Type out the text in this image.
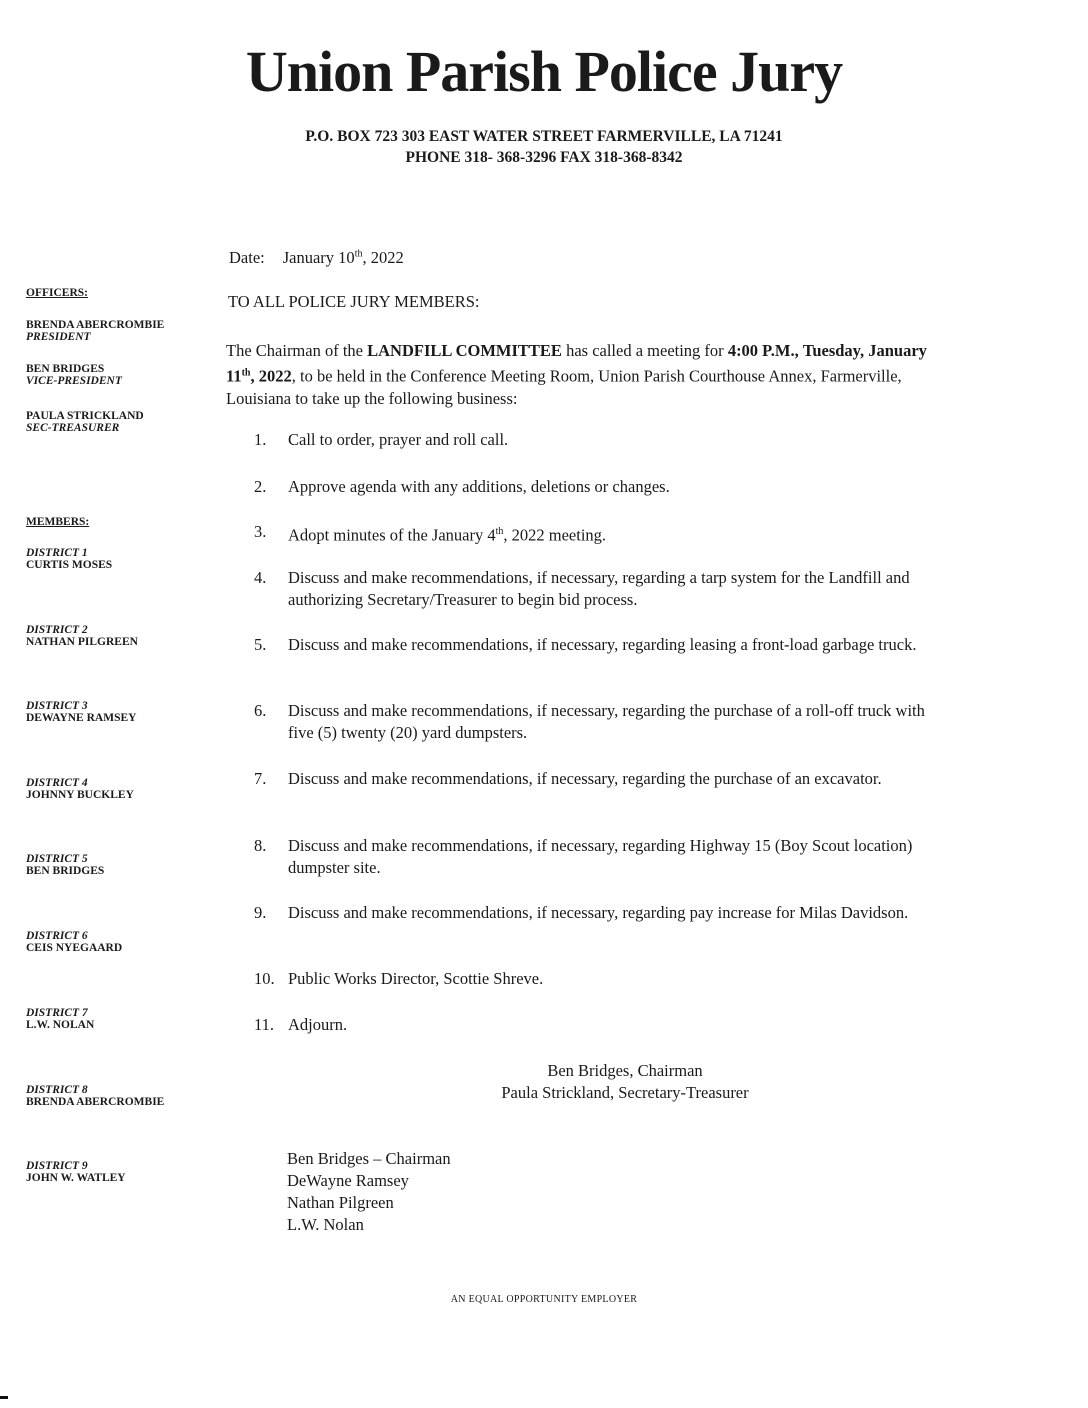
Union Parish Police Jury
P.O. BOX 723 303 EAST WATER STREET FARMERVILLE, LA 71241
PHONE 318- 368-3296 FAX 318-368-8342
OFFICERS:
BRENDA ABERCROMBIE
PRESIDENT
BEN BRIDGES
VICE-PRESIDENT
PAULA STRICKLAND
SEC-TREASURER
MEMBERS:
DISTRICT 1
CURTIS MOSES
DISTRICT 2
NATHAN PILGREEN
DISTRICT 3
DEWAYNE RAMSEY
DISTRICT 4
JOHNNY BUCKLEY
DISTRICT 5
BEN BRIDGES
DISTRICT 6
CEIS NYEGAARD
DISTRICT 7
L.W. NOLAN
DISTRICT 8
BRENDA ABERCROMBIE
DISTRICT 9
JOHN W. WATLEY
Date: January 10th, 2022
TO ALL POLICE JURY MEMBERS:
The Chairman of the LANDFILL COMMITTEE has called a meeting for 4:00 P.M., Tuesday, January 11th, 2022, to be held in the Conference Meeting Room, Union Parish Courthouse Annex, Farmerville, Louisiana to take up the following business:
1. Call to order, prayer and roll call.
2. Approve agenda with any additions, deletions or changes.
3. Adopt minutes of the January 4th, 2022 meeting.
4. Discuss and make recommendations, if necessary, regarding a tarp system for the Landfill and authorizing Secretary/Treasurer to begin bid process.
5. Discuss and make recommendations, if necessary, regarding leasing a front-load garbage truck.
6. Discuss and make recommendations, if necessary, regarding the purchase of a roll-off truck with five (5) twenty (20) yard dumpsters.
7. Discuss and make recommendations, if necessary, regarding the purchase of an excavator.
8. Discuss and make recommendations, if necessary, regarding Highway 15 (Boy Scout location) dumpster site.
9. Discuss and make recommendations, if necessary, regarding pay increase for Milas Davidson.
10. Public Works Director, Scottie Shreve.
11. Adjourn.
Ben Bridges, Chairman
Paula Strickland, Secretary-Treasurer
Ben Bridges – Chairman
DeWayne Ramsey
Nathan Pilgreen
L.W. Nolan
AN EQUAL OPPORTUNITY EMPLOYER
